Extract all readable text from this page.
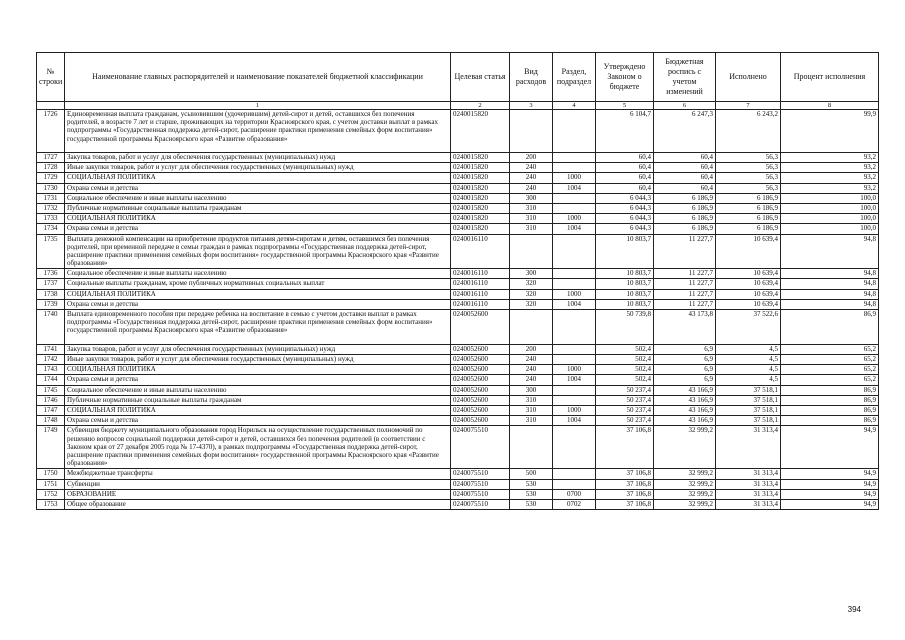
№ строки	Наименование главных распорядителей и наименование показателей бюджетной классификации	Целевая статья	Вид расходов	Раздел, подраздел	Утверждено Законом о бюджете	Бюджетная роспись с учетом изменений	Исполнено	Процент исполнения
	1	2	3	4	5	6	7	8
1726	Единовременная выплата гражданам, усыновившим (удочерившим) детей-сирот и детей, оставшихся без попечения родителей, в возрасте 7 лет и старше, проживающих на территории Красноярского края, с учетом доставки выплат в рамках подпрограммы «Государственная поддержка детей-сирот, расширение практики применения семейных форм воспитания» государственной программы Красноярского края «Развитие образования»	0240015820			6 104,7	6 247,3	6 243,2	99,9
1727	Закупка товаров, работ и услуг для обеспечения государственных (муниципальных) нужд	0240015820	200		60,4	60,4	56,3	93,2
1728	Иные закупки товаров, работ и услуг для обеспечения государственных (муниципальных) нужд	0240015820	240		60,4	60,4	56,3	93,2
1729	СОЦИАЛЬНАЯ ПОЛИТИКА	0240015820	240	1000	60,4	60,4	56,3	93,2
1730	Охрана семьи и детства	0240015820	240	1004	60,4	60,4	56,3	93,2
1731	Социальное обеспечение и иные выплаты населению	0240015820	300		6 044,3	6 186,9	6 186,9	100,0
1732	Публичные нормативные социальные выплаты гражданам	0240015820	310		6 044,3	6 186,9	6 186,9	100,0
1733	СОЦИАЛЬНАЯ ПОЛИТИКА	0240015820	310	1000	6 044,3	6 186,9	6 186,9	100,0
1734	Охрана семьи и детства	0240015820	310	1004	6 044,3	6 186,9	6 186,9	100,0
1735	Выплата денежной компенсации на приобретение продуктов питания детям-сиротам и детям, оставшимся без попечения родителей, при временной передаче в семьи граждан в рамках подпрограммы «Государственная поддержка детей-сирот, расширение практики применения семейных форм воспитания» государственной программы Красноярского края «Развитие образования»	0240016110			10 803,7	11 227,7	10 639,4	94,8
1736	Социальное обеспечение и иные выплаты населению	0240016110	300		10 803,7	11 227,7	10 639,4	94,8
1737	Социальные выплаты гражданам, кроме публичных нормативных социальных выплат	0240016110	320		10 803,7	11 227,7	10 639,4	94,8
1738	СОЦИАЛЬНАЯ ПОЛИТИКА	0240016110	320	1000	10 803,7	11 227,7	10 639,4	94,8
1739	Охрана семьи и детства	0240016110	320	1004	10 803,7	11 227,7	10 639,4	94,8
1740	Выплата единовременного пособия при передаче ребенка на воспитание в семью с учетом доставки выплат в рамках подпрограммы «Государственная поддержка детей-сирот, расширение практики применения семейных форм воспитания» государственной программы Красноярского края «Развитие образования»	0240052600			50 739,8	43 173,8	37 522,6	86,9
1741	Закупка товаров, работ и услуг для обеспечения государственных (муниципальных) нужд	0240052600	200		502,4	6,9	4,5	65,2
1742	Иные закупки товаров, работ и услуг для обеспечения государственных (муниципальных) нужд	0240052600	240		502,4	6,9	4,5	65,2
1743	СОЦИАЛЬНАЯ ПОЛИТИКА	0240052600	240	1000	502,4	6,9	4,5	65,2
1744	Охрана семьи и детства	0240052600	240	1004	502,4	6,9	4,5	65,2
1745	Социальное обеспечение и иные выплаты населению	0240052600	300		50 237,4	43 166,9	37 518,1	86,9
1746	Публичные нормативные социальные выплаты гражданам	0240052600	310		50 237,4	43 166,9	37 518,1	86,9
1747	СОЦИАЛЬНАЯ ПОЛИТИКА	0240052600	310	1000	50 237,4	43 166,9	37 518,1	86,9
1748	Охрана семьи и детства	0240052600	310	1004	50 237,4	43 166,9	37 518,1	86,9
1749	Субвенция бюджету муниципального образования город Норильск на осуществление государственных полномочий по решению вопросов социальной поддержки детей-сирот и детей, оставшихся без попечения родителей (в соответствии с Законом края от 27 декабря 2005 года № 17-4370), в рамках подпрограммы «Государственная поддержка детей-сирот, расширение практики применения семейных форм воспитания» государственной программы Красноярского края «Развитие образования»	0240075510			37 106,8	32 999,2	31 313,4	94,9
1750	Межбюджетные трансферты	0240075510	500		37 106,8	32 999,2	31 313,4	94,9
1751	Субвенции	0240075510	530		37 106,8	32 999,2	31 313,4	94,9
1752	ОБРАЗОВАНИЕ	0240075510	530	0700	37 106,8	32 999,2	31 313,4	94,9
1753	Общее образование	0240075510	530	0702	37 106,8	32 999,2	31 313,4	94,9
394
